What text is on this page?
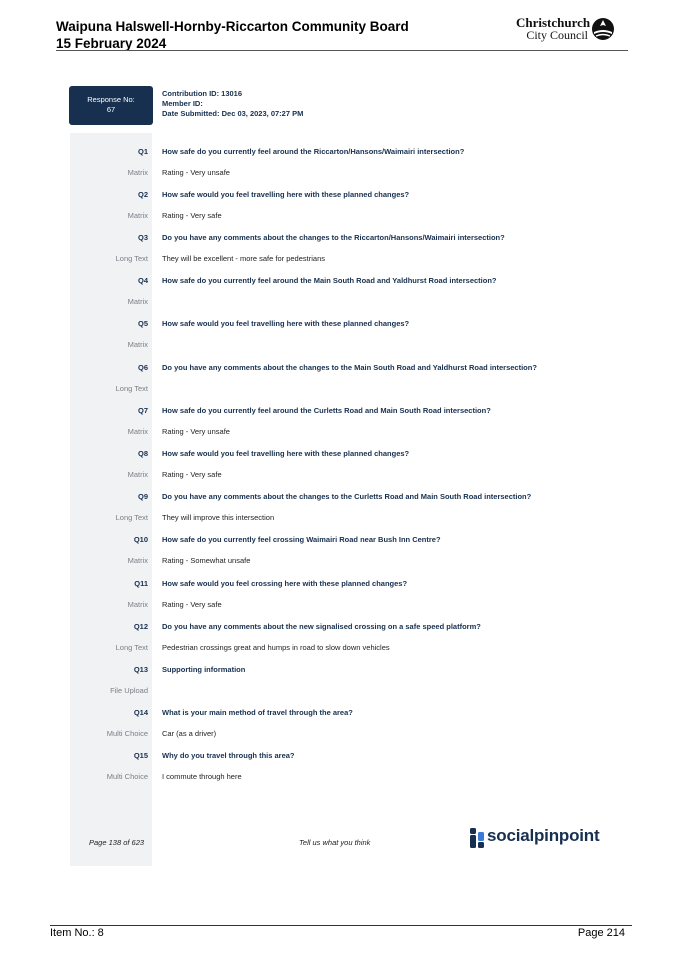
Waipuna Halswell-Hornby-Riccarton Community Board
15 February 2024
Christchurch
City Council
Response No:
67
Contribution ID: 13016
Member ID:
Date Submitted: Dec 03, 2023, 07:27 PM
Q1 How safe do you currently feel around the Riccarton/Hansons/Waimairi intersection?
Matrix Rating - Very unsafe
Q2 How safe would you feel travelling here with these planned changes?
Matrix Rating - Very safe
Q3 Do you have any comments about the changes to the Riccarton/Hansons/Waimairi intersection?
Long Text They will be excellent - more safe for pedestrians
Q4 How safe do you currently feel around the Main South Road and Yaldhurst Road intersection?
Matrix
Q5 How safe would you feel travelling here with these planned changes?
Matrix
Q6 Do you have any comments about the changes to the Main South Road and Yaldhurst Road intersection?
Long Text
Q7 How safe do you currently feel around the Curletts Road and Main South Road intersection?
Matrix Rating - Very unsafe
Q8 How safe would you feel travelling here with these planned changes?
Matrix Rating - Very safe
Q9 Do you have any comments about the changes to the Curletts Road and Main South Road intersection?
Long Text They will improve this intersection
Q10 How safe do you currently feel crossing Waimairi Road near Bush Inn Centre?
Matrix Rating - Somewhat unsafe
Q11 How safe would you feel crossing here with these planned changes?
Matrix Rating - Very safe
Q12 Do you have any comments about the new signalised crossing on a safe speed platform?
Long Text Pedestrian crossings great and humps in road to slow down vehicles
Q13 Supporting information
File Upload
Q14 What is your main method of travel through the area?
Multi Choice Car (as a driver)
Q15 Why do you travel through this area?
Multi Choice I commute through here
Page 138 of 623	Tell us what you think	socialpinpoint
Item No.: 8	Page 214
